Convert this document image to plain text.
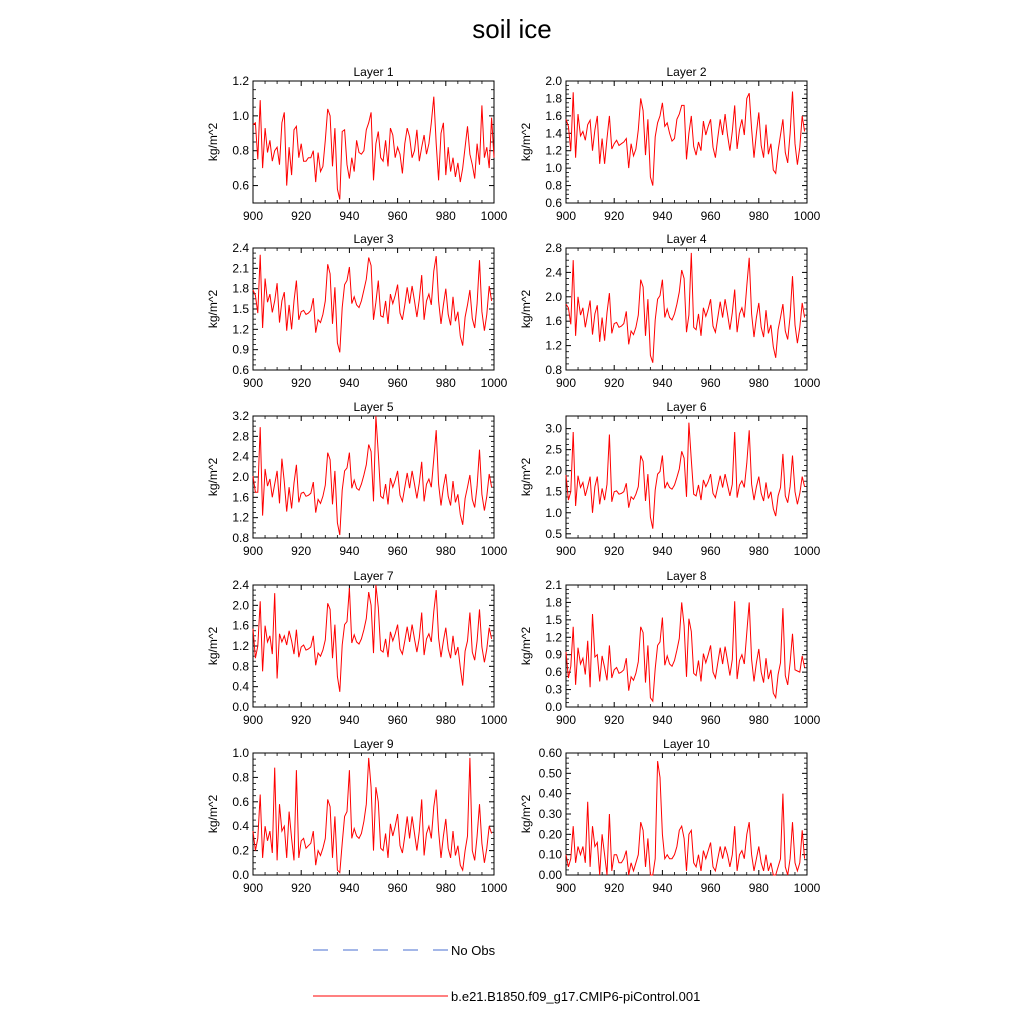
soil ice
Layer 1
900 920 940 960 980 1000
0.6
0.8
1.0
1.2
kg/m^2
Layer 2
900 920 940 960 980 1000
0.6
0.8
1.0
1.2
1.4
1.6
1.8
2.0
kg/m^2
Layer 3
900 920 940 960 980 1000
0.6
0.9
1.2
1.5
1.8
2.1
2.4
kg/m^2
Layer 4
900 920 940 960 980 1000
0.8
1.2
1.6
2.0
2.4
2.8
kg/m^2
Layer 5
900 920 940 960 980 1000
0.8
1.2
1.6
2.0
2.4
2.8
3.2
kg/m^2
Layer 6
900 920 940 960 980 1000
0.5
1.0
1.5
2.0
2.5
3.0
kg/m^2
Layer 7
900 920 940 960 980 1000
0.0
0.4
0.8
1.2
1.6
2.0
2.4
kg/m^2
Layer 8
900 920 940 960 980 1000
0.0
0.3
0.6
0.9
1.2
1.5
1.8
2.1
kg/m^2
Layer 9
900 920 940 960 980 1000
0.0
0.2
0.4
0.6
0.8
1.0
kg/m^2
Layer 10
900 920 940 960 980 1000
0.00
0.10
0.20
0.30
0.40
0.50
0.60
kg/m^2
No Obs
b.e21.B1850.f09_g17.CMIP6-piControl.001
